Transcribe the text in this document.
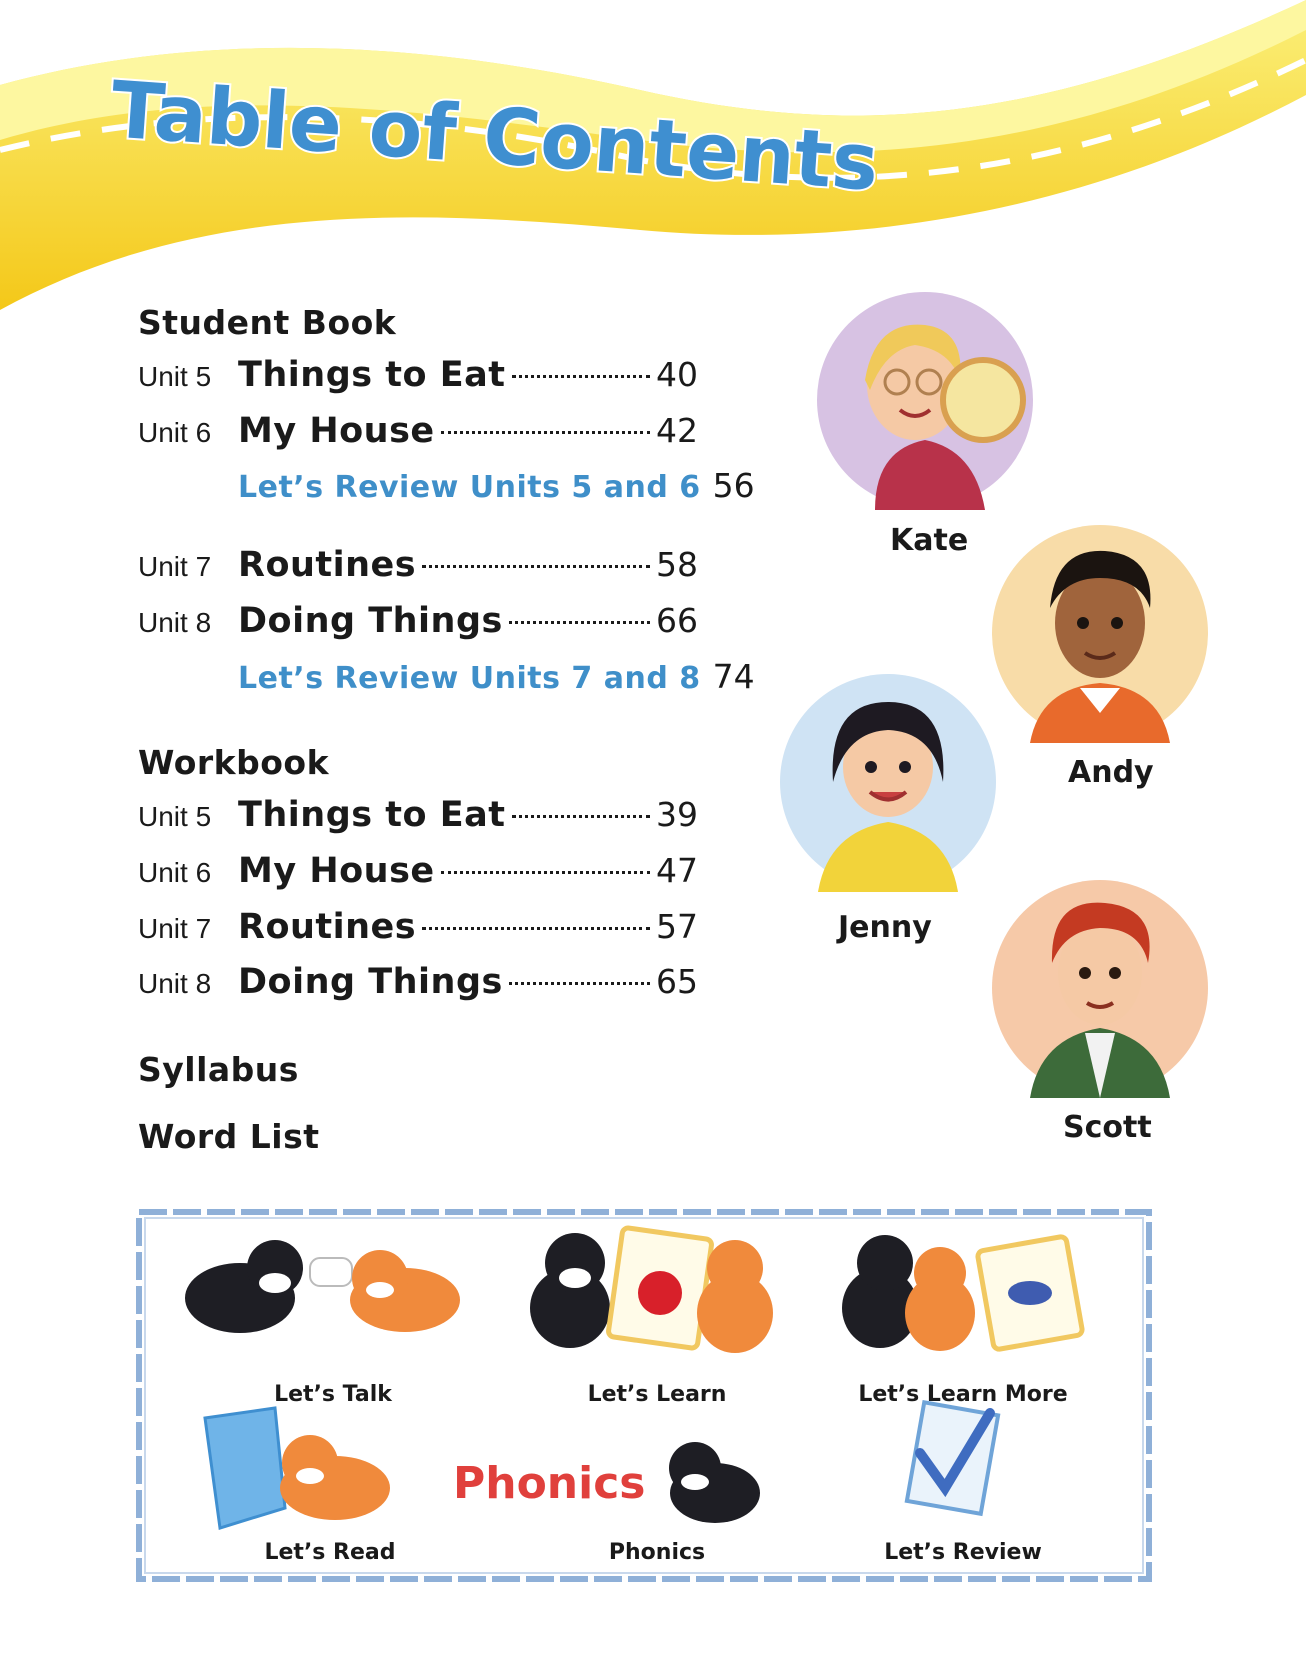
Table of Contents
Student Book
Unit 5 Things to Eat	40
Unit 6 My House	42
Let’s Review Units 5 and 6 56
Unit 7 Routines	58
Unit 8 Doing Things	66
Let’s Review Units 7 and 8 74
Workbook
Unit 5 Things to Eat	39
Unit 6 My House	47
Unit 7 Routines	57
Unit 8 Doing Things	65
Syllabus
Word List
Kate
Andy
Jenny
Scott
Phonics
Let’s Talk	Let’s Learn	Let’s Learn More
Let’s Read	Phonics	Let’s Review
